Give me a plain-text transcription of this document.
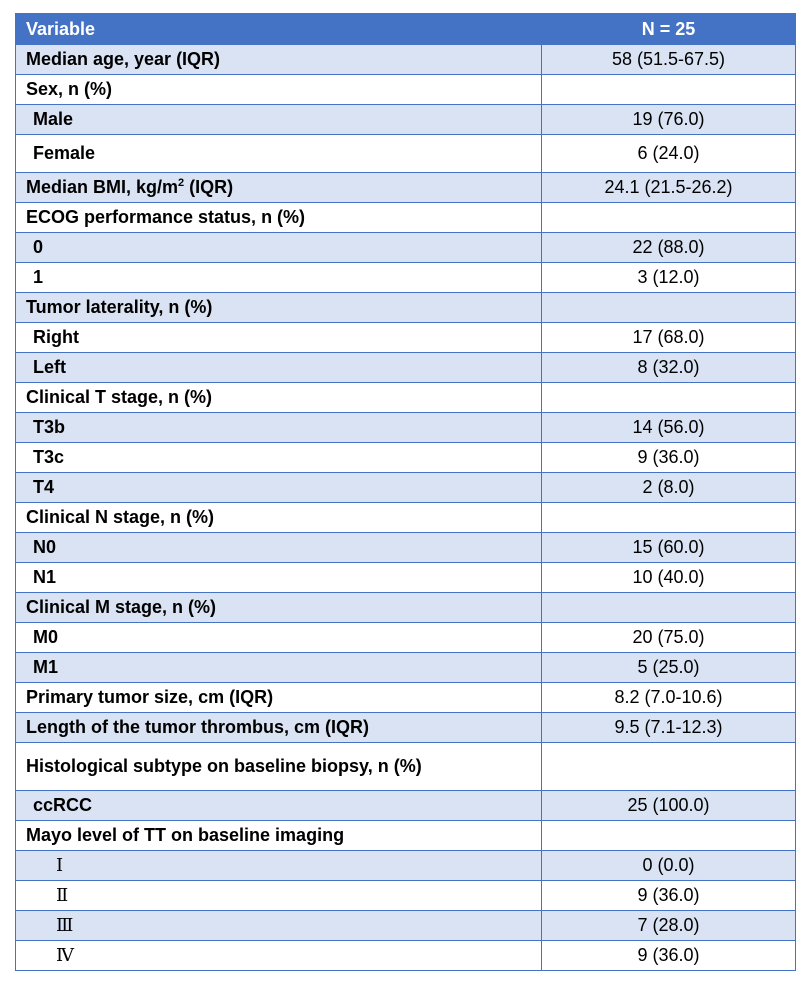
Variable	N = 25
Median age, year (IQR)	58 (51.5-67.5)
Sex, n (%)	
Male	19 (76.0)
Female	6 (24.0)
Median BMI, $kg/m^2$ (IQR)	24.1 (21.5-26.2)
ECOG performance status, n (%)	
0	22 (88.0)
1	3 (12.0)
Tumor laterality, n (%)	
Right	17 (68.0)
Left	8 (32.0)
Clinical T stage, n (%)	
T3b	14 (56.0)
T3c	9 (36.0)
T4	2 (8.0)
Clinical N stage, n (%)	
N0	15 (60.0)
N1	10 (40.0)
Clinical M stage, n (%)	
M0	20 (75.0)
M1	5 (25.0)
Primary tumor size, cm (IQR)	8.2 (7.0-10.6)
Length of the tumor thrombus, cm (IQR)	9.5 (7.1-12.3)
Histological subtype on baseline biopsy, n (%)	
ccRCC	25 (100.0)
Mayo level of TT on baseline imaging	
Ⅰ	0 (0.0)
Ⅱ	9 (36.0)
Ⅲ	7 (28.0)
Ⅳ	9 (36.0)
